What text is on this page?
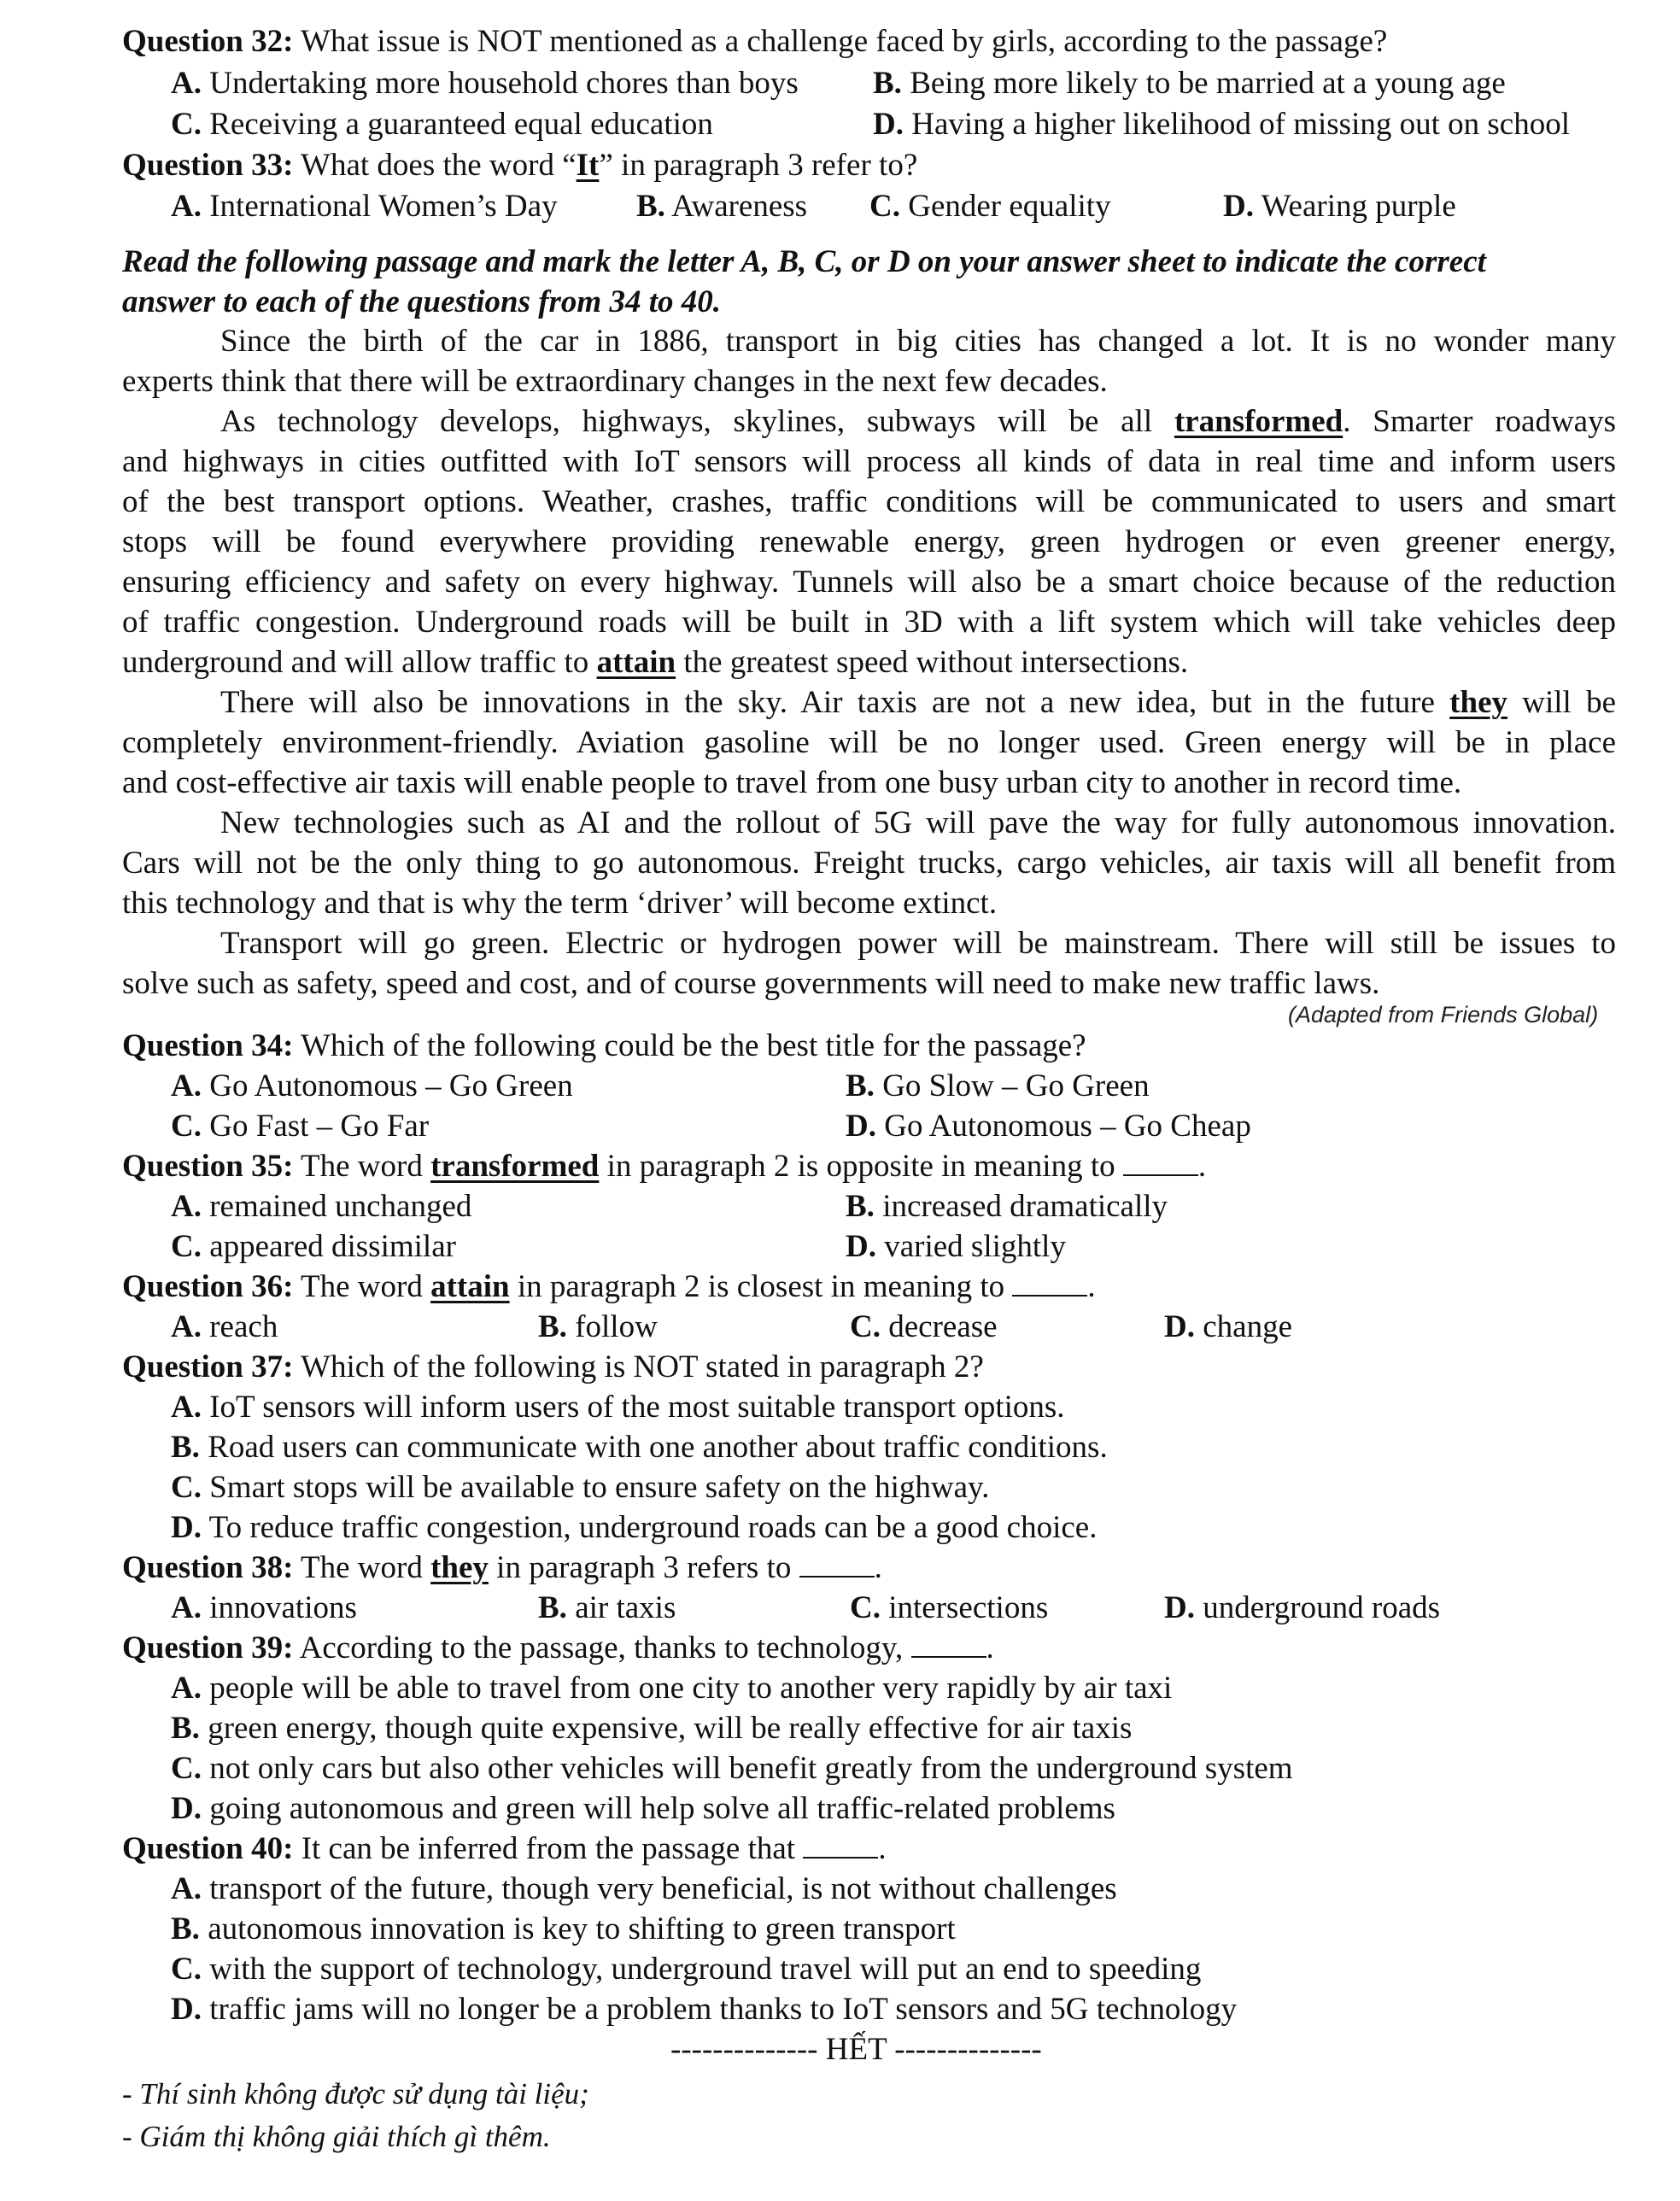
Question 32: What issue is NOT mentioned as a challenge faced by girls, according to the passage?
A. Undertaking more household chores than boys B. Being more likely to be married at a young age
C. Receiving a guaranteed equal education	D. Having a higher likelihood of missing out on school
Question 33: What does the word “It” in paragraph 3 refer to?
A. International Women’s Day B. Awareness C. Gender equality	D. Wearing purple
Read the following passage and mark the letter A, B, C, or D on your answer sheet to indicate the correct
answer to each of the questions from 34 to 40.
Since the birth of the car in 1886, transport in big cities has changed a lot. It is no wonder many
experts think that there will be extraordinary changes in the next few decades.
As technology develops, highways, skylines, subways will be all transformed. Smarter roadways
and highways in cities outfitted with IoT sensors will process all kinds of data in real time and inform users
of the best transport options. Weather, crashes, traffic conditions will be communicated to users and smart
stops will be found everywhere providing renewable energy, green hydrogen or even greener energy,
ensuring efficiency and safety on every highway. Tunnels will also be a smart choice because of the reduction
of traffic congestion. Underground roads will be built in 3D with a lift system which will take vehicles deep
underground and will allow traffic to attain the greatest speed without intersections.
There will also be innovations in the sky. Air taxis are not a new idea, but in the future they will be
completely environment-friendly. Aviation gasoline will be no longer used. Green energy will be in place
and cost-effective air taxis will enable people to travel from one busy urban city to another in record time.
New technologies such as AI and the rollout of 5G will pave the way for fully autonomous innovation.
Cars will not be the only thing to go autonomous. Freight trucks, cargo vehicles, air taxis will all benefit from
this technology and that is why the term ‘driver’ will become extinct.
Transport will go green. Electric or hydrogen power will be mainstream. There will still be issues to
solve such as safety, speed and cost, and of course governments will need to make new traffic laws.
(Adapted from Friends Global)
Question 34: Which of the following could be the best title for the passage?
A. Go Autonomous – Go Green	B. Go Slow – Go Green
C. Go Fast – Go Far	D. Go Autonomous – Go Cheap
Question 35: The word transformed in paragraph 2 is opposite in meaning to .
A. remained unchanged	B. increased dramatically
C. appeared dissimilar	D. varied slightly
Question 36: The word attain in paragraph 2 is closest in meaning to .
A. reach	B. follow	C. decrease	D. change
Question 37: Which of the following is NOT stated in paragraph 2?
A. IoT sensors will inform users of the most suitable transport options.
B. Road users can communicate with one another about traffic conditions.
C. Smart stops will be available to ensure safety on the highway.
D. To reduce traffic congestion, underground roads can be a good choice.
Question 38: The word they in paragraph 3 refers to .
A. innovations	B. air taxis	C. intersections	D. underground roads
Question 39: According to the passage, thanks to technology, .
A. people will be able to travel from one city to another very rapidly by air taxi
B. green energy, though quite expensive, will be really effective for air taxis
C. not only cars but also other vehicles will benefit greatly from the underground system
D. going autonomous and green will help solve all traffic-related problems
Question 40: It can be inferred from the passage that .
A. transport of the future, though very beneficial, is not without challenges
B. autonomous innovation is key to shifting to green transport
C. with the support of technology, underground travel will put an end to speeding
D. traffic jams will no longer be a problem thanks to IoT sensors and 5G technology
-------------- HẾT --------------
- Thí sinh không được sử dụng tài liệu;
- Giám thị không giải thích gì thêm.
